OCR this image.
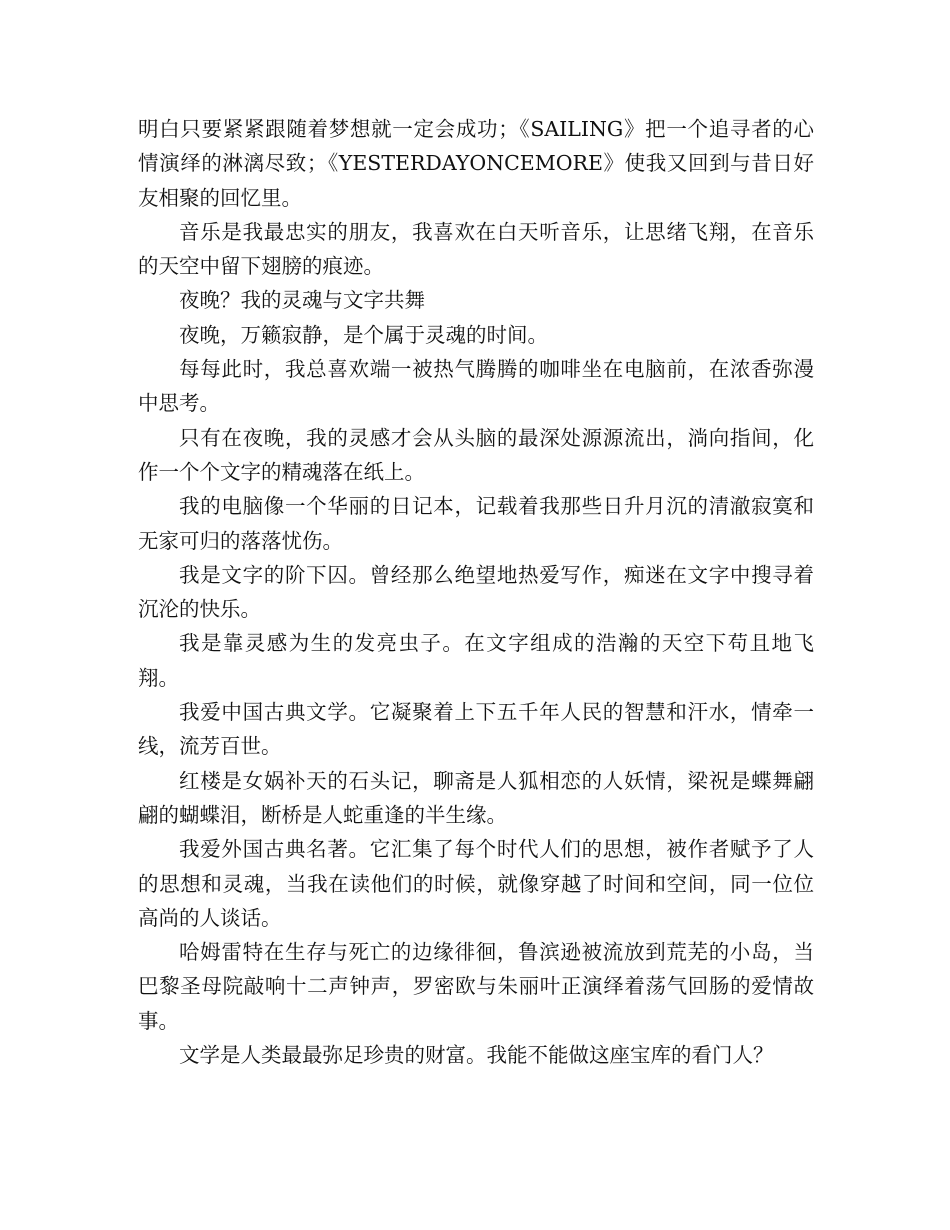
明白只要紧紧跟随着梦想就一定会成功；《SAILING》把一个追寻者的心情演绎的淋漓尽致；《YESTERDAYONCEMORE》使我又回到与昔日好友相聚的回忆里。

音乐是我最忠实的朋友，我喜欢在白天听音乐，让思绪飞翔，在音乐的天空中留下翅膀的痕迹。

夜晚？我的灵魂与文字共舞

夜晚，万籁寂静，是个属于灵魂的时间。

每每此时，我总喜欢端一被热气腾腾的咖啡坐在电脑前，在浓香弥漫中思考。

只有在夜晚，我的灵感才会从头脑的最深处源源流出，淌向指间，化作一个个文字的精魂落在纸上。

我的电脑像一个华丽的日记本，记载着我那些日升月沉的清澈寂寞和无家可归的落落忧伤。

我是文字的阶下囚。曾经那么绝望地热爱写作，痴迷在文字中搜寻着沉沦的快乐。

我是靠灵感为生的发亮虫子。在文字组成的浩瀚的天空下苟且地飞翔。

我爱中国古典文学。它凝聚着上下五千年人民的智慧和汗水，情牵一线，流芳百世。

红楼是女娲补天的石头记，聊斋是人狐相恋的人妖情，梁祝是蝶舞翩翩的蝴蝶泪，断桥是人蛇重逢的半生缘。

我爱外国古典名著。它汇集了每个时代人们的思想，被作者赋予了人的思想和灵魂，当我在读他们的时候，就像穿越了时间和空间，同一位位高尚的人谈话。

哈姆雷特在生存与死亡的边缘徘徊，鲁滨逊被流放到荒芜的小岛，当巴黎圣母院敲响十二声钟声，罗密欧与朱丽叶正演绎着荡气回肠的爱情故事。

文学是人类最最弥足珍贵的财富。我能不能做这座宝库的看门人？
